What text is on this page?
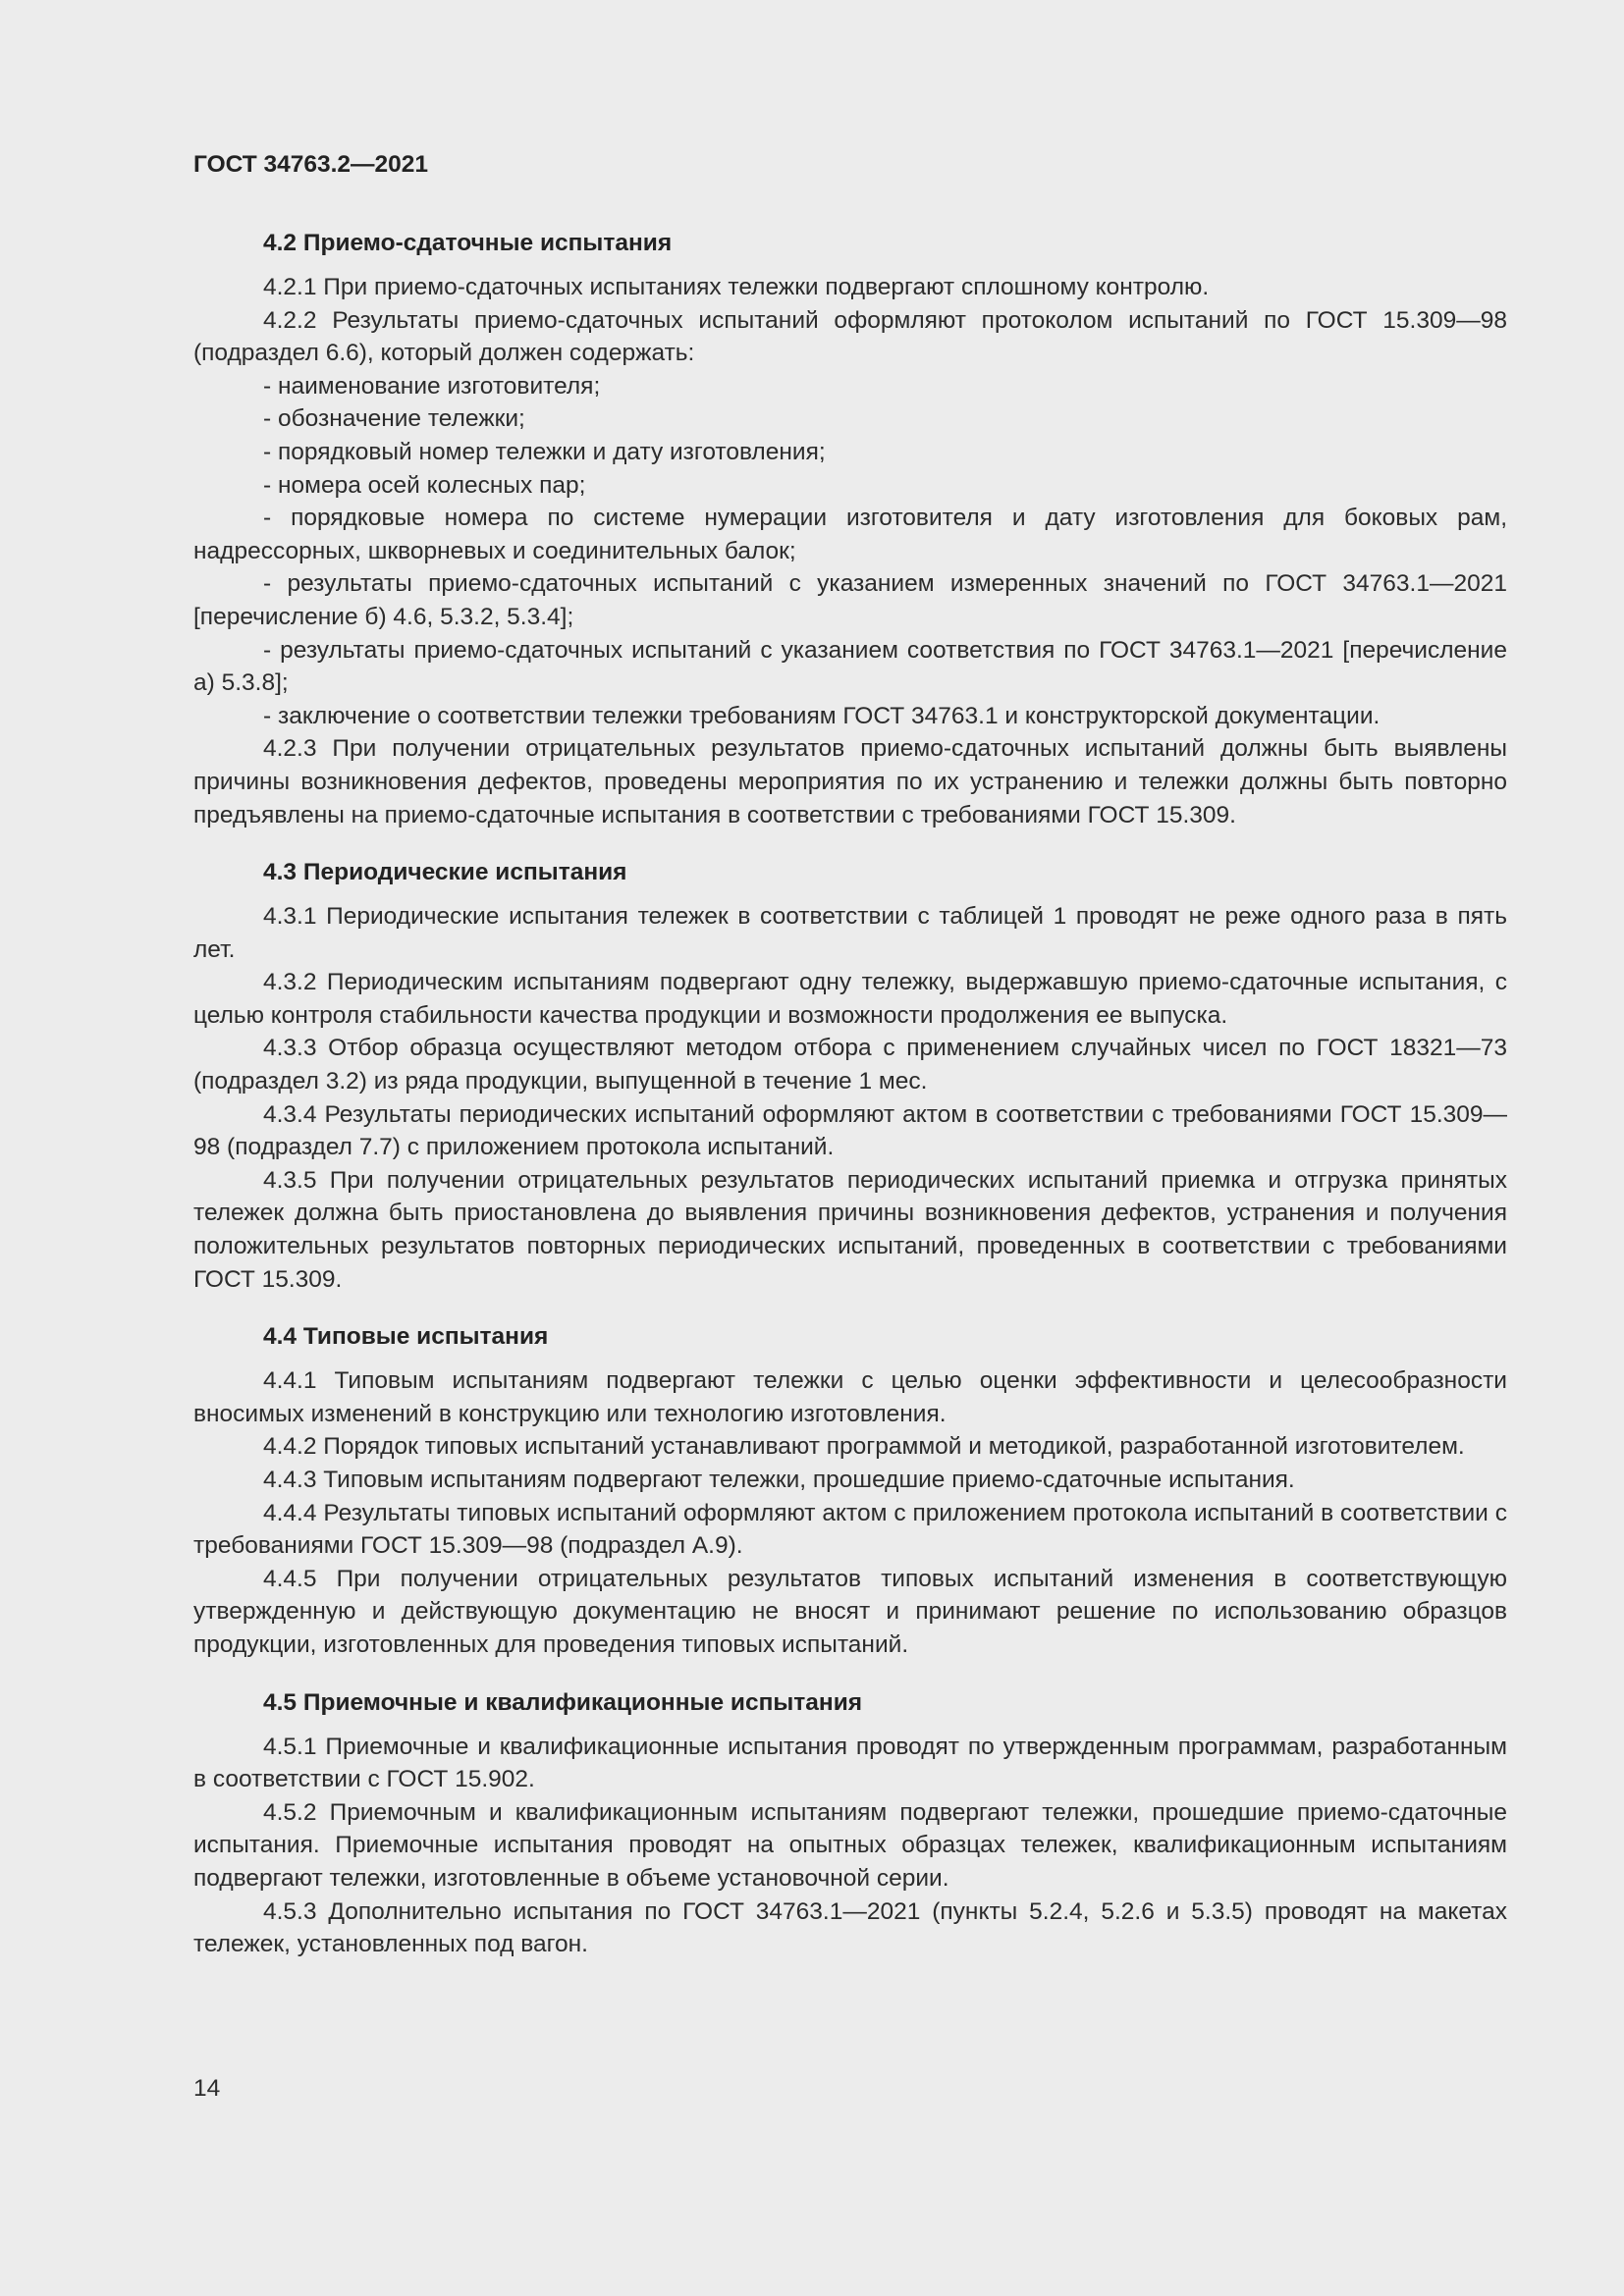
ГОСТ 34763.2—2021
4.2 Приемо-сдаточные испытания

4.2.1 При приемо-сдаточных испытаниях тележки подвергают сплошному контролю.

4.2.2 Результаты приемо-сдаточных испытаний оформляют протоколом испытаний по ГОСТ 15.309—98 (подраздел 6.6), который должен содержать:

- наименование изготовителя;

- обозначение тележки;

- порядковый номер тележки и дату изготовления;

- номера осей колесных пар;

- порядковые номера по системе нумерации изготовителя и дату изготовления для боковых рам, надрессорных, шкворневых и соединительных балок;

- результаты приемо-сдаточных испытаний с указанием измеренных значений по ГОСТ 34763.1—2021 [перечисление б) 4.6, 5.3.2, 5.3.4];

- результаты приемо-сдаточных испытаний с указанием соответствия по ГОСТ 34763.1—2021 [перечисление а) 5.3.8];

- заключение о соответствии тележки требованиям ГОСТ 34763.1 и конструкторской документации.

4.2.3 При получении отрицательных результатов приемо-сдаточных испытаний должны быть выявлены причины возникновения дефектов, проведены мероприятия по их устранению и тележки должны быть повторно предъявлены на приемо-сдаточные испытания в соответствии с требованиями ГОСТ 15.309.

4.3 Периодические испытания

4.3.1 Периодические испытания тележек в соответствии с таблицей 1 проводят не реже одного раза в пять лет.

4.3.2 Периодическим испытаниям подвергают одну тележку, выдержавшую приемо-сдаточные испытания, с целью контроля стабильности качества продукции и возможности продолжения ее выпуска.

4.3.3 Отбор образца осуществляют методом отбора с применением случайных чисел по ГОСТ 18321—73 (подраздел 3.2) из ряда продукции, выпущенной в течение 1 мес.

4.3.4 Результаты периодических испытаний оформляют актом в соответствии с требованиями ГОСТ 15.309—98 (подраздел 7.7) с приложением протокола испытаний.

4.3.5 При получении отрицательных результатов периодических испытаний приемка и отгрузка принятых тележек должна быть приостановлена до выявления причины возникновения дефектов, устранения и получения положительных результатов повторных периодических испытаний, проведенных в соответствии с требованиями ГОСТ 15.309.

4.4 Типовые испытания

4.4.1 Типовым испытаниям подвергают тележки с целью оценки эффективности и целесообразности вносимых изменений в конструкцию или технологию изготовления.

4.4.2 Порядок типовых испытаний устанавливают программой и методикой, разработанной изготовителем.

4.4.3 Типовым испытаниям подвергают тележки, прошедшие приемо-сдаточные испытания.

4.4.4 Результаты типовых испытаний оформляют актом с приложением протокола испытаний в соответствии с требованиями ГОСТ 15.309—98 (подраздел А.9).

4.4.5 При получении отрицательных результатов типовых испытаний изменения в соответствующую утвержденную и действующую документацию не вносят и принимают решение по использованию образцов продукции, изготовленных для проведения типовых испытаний.

4.5 Приемочные и квалификационные испытания

4.5.1 Приемочные и квалификационные испытания проводят по утвержденным программам, разработанным в соответствии с ГОСТ 15.902.

4.5.2 Приемочным и квалификационным испытаниям подвергают тележки, прошедшие приемо-сдаточные испытания. Приемочные испытания проводят на опытных образцах тележек, квалификационным испытаниям подвергают тележки, изготовленные в объеме установочной серии.

4.5.3 Дополнительно испытания по ГОСТ 34763.1—2021 (пункты 5.2.4, 5.2.6 и 5.3.5) проводят на макетах тележек, установленных под вагон.

14
